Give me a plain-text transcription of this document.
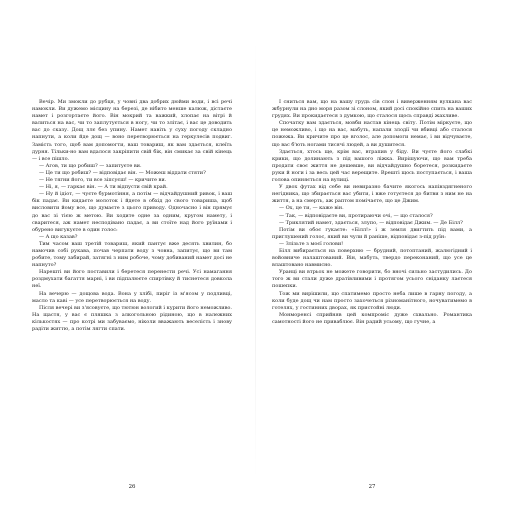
Вечір. Ми змокли до рубця, у човні два добрих дюйми води, і всі речі намокли. Ви дужемо місцину на березі, де нібито менше калюж, дістаєте намет і розгортаєте його. Він мокрий та важкий, хлопає на вітрі й валиться на вас, чи то заплутується в ногу, чи то злітає, і вас це доводить вас до сказу. Дощ ллє без упину. Намет навіть у суху погоду складно напнути, а коли йде дощ — воно перетворюється на геркулесів подвиг. Замість того, щоб вам допомогти, ваш товариш, як вам здається, клеїть дурня. Тільки-но вам вдалося закріпити свій бік, він смикає за свій кінець — і все пішло.

— Агов, ти що робиш? — запитуєте ви.

— Це ти що робиш? — відповідає він. — Можеш віддати стяти?

— Не тягни його, ти все зіпсуєш! — кричите ви.

— Ні, я, — гаркає він. — А ти відпусти свій край.

— Ну й ідіот, — чуєте бурмотіння, а потім — відчайдушний ривок, і ваш бік падає. Ви кидаєте молоток і йдете в обхід до свого товариша, щоб висловити йому все, що думаєте з цього приводу. Одночасно і він прямує до вас зі тією ж метою. Ви ходите одне за одним, кругом намету, і сваритеся, аж намет несподівано падає, а ви стоїте над його руїнами і обурено вигукуєте в один голос:

— А що казав?

Тим часом ваш третій товариш, який пантує вже десять хвилин, бо намочив собі рукава, почав черпати воду з човна, запитує, що ви там робите, тому забирай, затягні з ним робоче, чому добиваний намет досі не напнуто?

Нарешті ви його поставили і беретеся перенести речі. Усі намагання роздмухати багаття марні, і ви підпалюєте спиртівку й тиснетеся довкола неї.

На вечерю — дощова вода. Вона у хлібі, пиріг із м'ясом у подливці, масло та каві — усе перетворюється на воду.

Після вечері ви з'ясовуєте, що тютюн вологий і курити його неможливо. На щастя, у вас є пляшка з алкогольною рідиною, що в належних кількостях — про котрі ми забуваємо, ніколи вважають веселість і знову радіти життю, а потім лягти спати.

26

І сниться вам, що на вашу грудь сів слон і виверженням вулкана вас жбурнули на дно моря разом зі слоном, який досі спокійно спить на ваших грудях. Ви прокидаєтеся з думкою, що сталося щось справді жахливе.

Спочатку вам здається, мовби настав кінець світу. Потім міркуєте, що це неможливо, і що на вас, мабуть, напали злодії чи вбивці або сталося пожежа. Ви кричите про це вголос, але допомоги немає, і ви відчуваєте, що вас б'ють ногами тисячі людей, а ви душитеся.

Здається, хтось ще, крім вас, втрапив у біду. Ви чуєте його слабкі крики, що долинають з під вашого ліжка. Вирішуючи, що вам треба продати своє життя не дешевше, ви відчайдушно боретеся, розкидаєте руки й ноги і за весь цей час верещите. Врешті щось поступається, і ваша голова опиняється на вулиці.

У двох футах від себе ви невиразно бачите якогось напівздягненого негідника, що збирається вас убити, і вже готуєтеся до битви з ним не на життя, а на смерть, аж раптом помічаєте, що це Джим.

— Ох, це ти, — каже він.

— Так, — відповідаєте ви, протираючи очі, — що сталося?

— Триклятий намет, здається, злупо, — відповідає Джим. — Де Білл?

Потім ви обоє гукаєте: «Білл!» і ж земля двигтить під вами, а приглушений голос, який ви чули й раніше, відповідає з-під руїн:

— Злізьте з моєї голови!

Білл вибирається на поверхню — брудний, потоптаний, жалюгідний і войовниче налаштований. Він, мабуть, твердо переконаний, що усе це влаштовано навмисно.

Уранці ви втрьох не можете говорити, бо вночі сильно застудились. До того ж ви стали дуже дратівливими і протягом усього сніданку лаєтеся пошепки.

Тож ми вирішили, що спатимемо просто неба лише в гарну погоду, а коли буде дощ чи нам просто захочеться різноманітного, ночуватимемо в готелях, у гостинних дворах, як пристойні люди.

Монморенсі сприйняв цей компроміс дуже схвально. Романтика самотності його не приваблює. Він радий усьому, що гучне, а

27
